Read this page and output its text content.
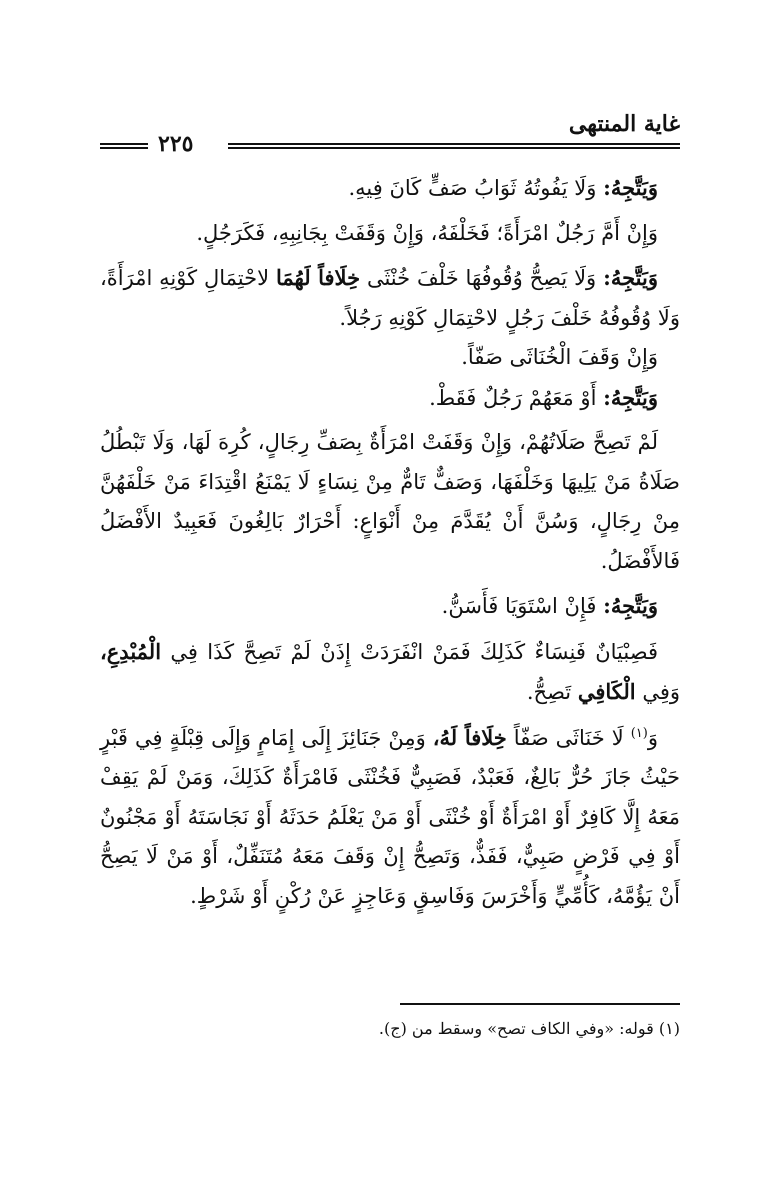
غاية المنتهى
٢٢٥

وَيَتَّجِهُ: وَلَا يَفُوتُهُ ثَوَابُ صَفٍّ كَانَ فِيهِ.

وَإِنْ أَمَّ رَجُلٌ امْرَأَةً؛ فَخَلْفَهُ، وَإِنْ وَقَفَتْ بِجَانِبِهِ، فَكَرَجُلٍ.

وَيَتَّجِهُ: وَلَا يَصِحُّ وُقُوفُهَا خَلْفَ خُنْثَى خِلَافاً لَهُمَا لاحْتِمَالِ كَوْنِهِ امْرَأَةً، وَلَا وُقُوفُهُ خَلْفَ رَجُلٍ لاحْتِمَالِ كَوْنِهِ رَجُلاً.

وَإِنْ وَقَفَ الْخُنَاثَى صَفّاً.

وَيَتَّجِهُ: أَوْ مَعَهُمْ رَجُلٌ فَقَطْ.

لَمْ تَصِحَّ صَلَاتُهُمْ، وَإِنْ وَقَفَتْ امْرَأَةٌ بِصَفِّ رِجَالٍ، كُرِهَ لَهَا، وَلَا تَبْطُلُ صَلَاةُ مَنْ يَلِيهَا وَخَلْفَهَا، وَصَفٌّ تَامٌّ مِنْ نِسَاءٍ لَا يَمْنَعُ اقْتِدَاءَ مَنْ خَلْفَهُنَّ مِنْ رِجَالٍ، وَسُنَّ أَنْ يُقَدَّمَ مِنْ أَنْوَاعٍ: أَحْرَارٌ بَالِغُونَ فَعَبِيدٌ الأَفْضَلُ فَالأَفْضَلُ.

وَيَتَّجِهُ: فَإِنْ اسْتَوَيَا فَأَسَنُّ.

فَصِبْيَانٌ فَنِسَاءٌ كَذَلِكَ فَمَنْ انْفَرَدَتْ إِذَنْ لَمْ تَصِحَّ كَذَا فِي الْمُبْدِعِ، وَفِي الْكَافِي تَصِحُّ.

وَ$^{(١)}$ لَا خَنَاثَى صَفّاً خِلَافاً لَهُ، وَمِنْ جَنَائِزَ إِلَى إِمَامٍ وَإِلَى قِبْلَةٍ فِي قَبْرٍ حَيْثُ جَازَ حُرٌّ بَالِغٌ، فَعَبْدٌ، فَصَبِيٌّ فَخُنْثَى فَامْرَأَةٌ كَذَلِكَ، وَمَنْ لَمْ يَقِفْ مَعَهُ إِلَّا كَافِرٌ أَوْ امْرَأَةٌ أَوْ خُنْثَى أَوْ مَنْ يَعْلَمُ حَدَثَهُ أَوْ نَجَاسَتَهُ أَوْ مَجْنُونٌ أَوْ فِي فَرْضٍ صَبِيٌّ، فَفَذٌّ، وَتَصِحُّ إِنْ وَقَفَ مَعَهُ مُتَنَفِّلٌ، أَوْ مَنْ لَا يَصِحُّ أَنْ يَؤُمَّهُ، كَأُمِّيٍّ وَأَخْرَسَ وَفَاسِقٍ وَعَاجِزٍ عَنْ رُكْنٍ أَوْ شَرْطٍ.

(١) قوله: «وفي الكاف تصح» وسقط من (ج).
